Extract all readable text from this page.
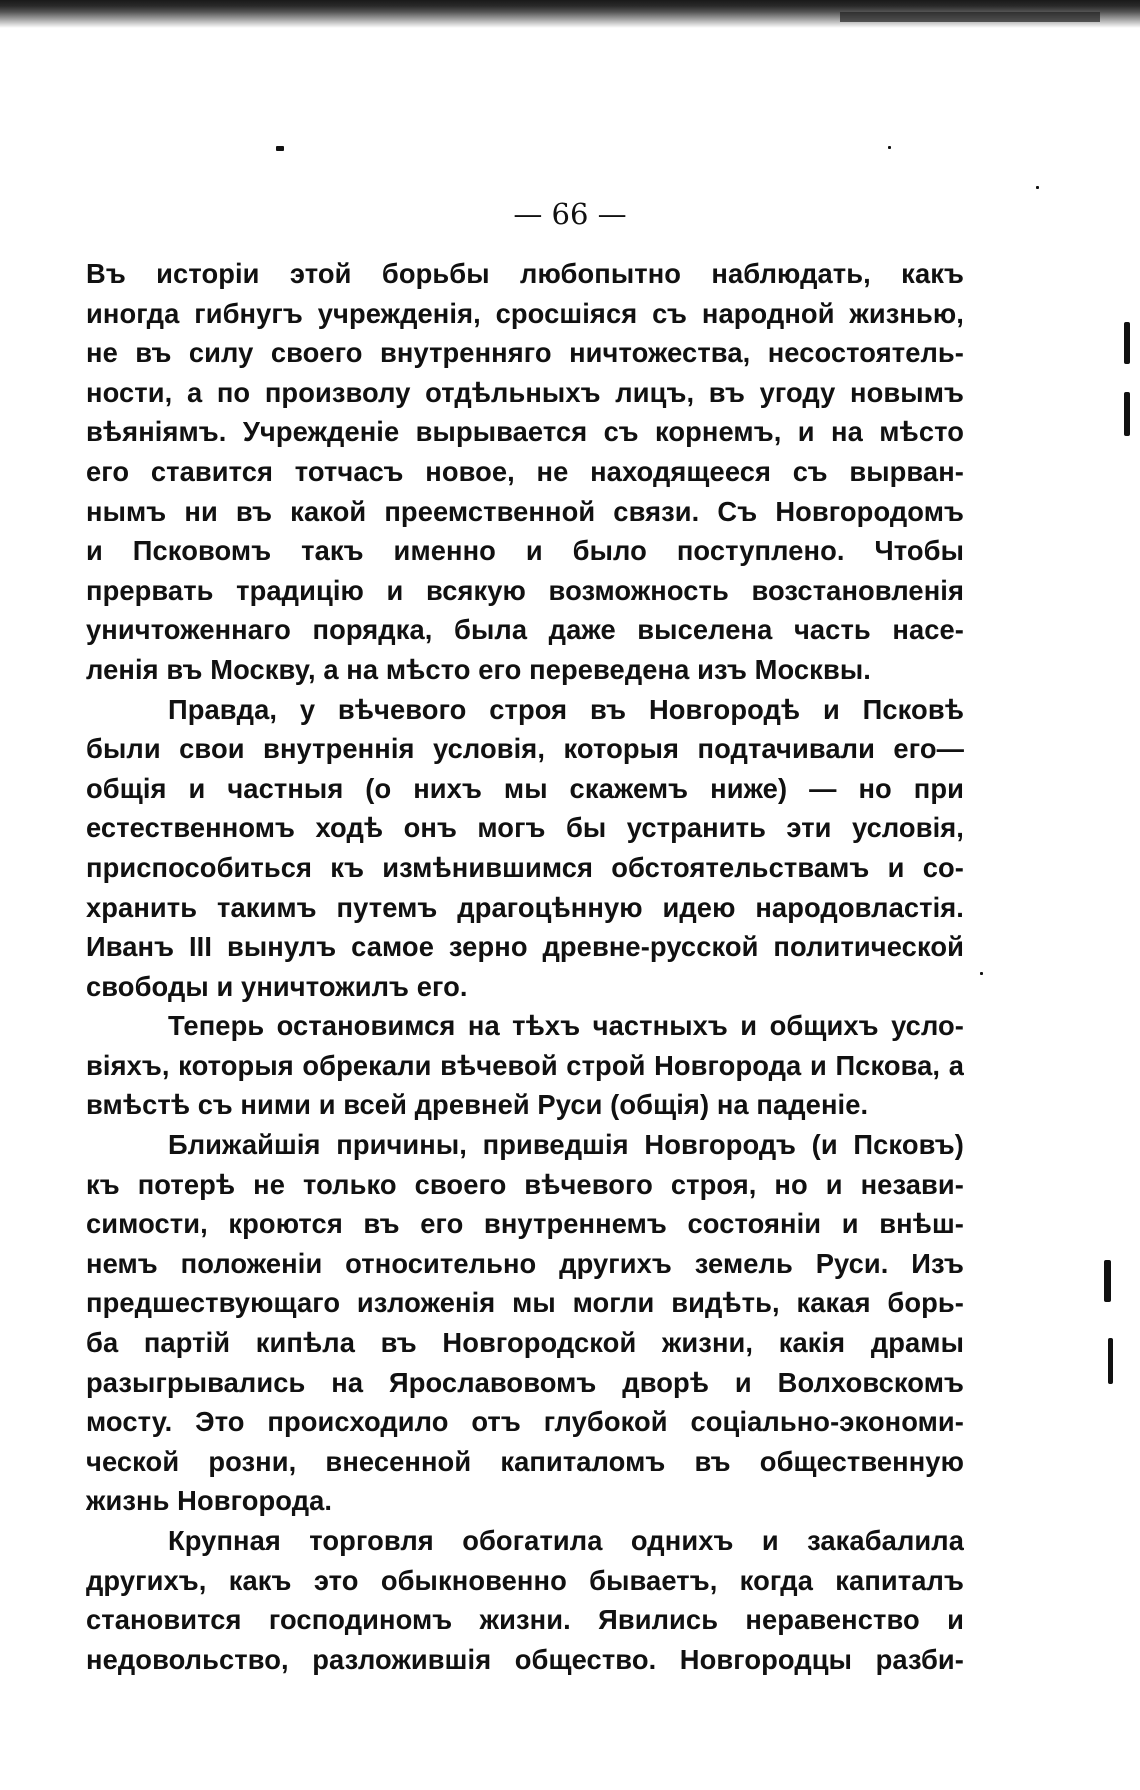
— 66 —
Въ исторіи этой борьбы любопытно наблюдать, какъ
иногда гибнугъ учрежденія, сросшіяся съ народной жизнью,
не въ силу своего внутренняго ничтожества, несостоятель-
ности, а по произволу отдѣльныхъ лицъ, въ угоду новымъ
вѣяніямъ. Учрежденіе вырывается съ корнемъ, и на мѣсто
его ставится тотчасъ новое, не находящееся съ вырван-
нымъ ни въ какой преемственной связи. Съ Новгородомъ
и Псковомъ такъ именно и было поступлено. Чтобы
прервать традицію и всякую возможность возстановленія
уничтоженнаго порядка, была даже выселена часть насе-
ленія въ Москву, а на мѣсто его переведена изъ Москвы.
Правда, у вѣчевого строя въ Новгородѣ и Псковѣ
были свои внутреннія условія, которыя подтачивали его—
общія и частныя (о нихъ мы скажемъ ниже) — но при
естественномъ ходѣ онъ могъ бы устранить эти условія,
приспособиться къ измѣнившимся обстоятельствамъ и со-
хранить такимъ путемъ драгоцѣнную идею народовластія.
Иванъ III вынулъ самое зерно древне-русской политической
свободы и уничтожилъ его.
Теперь остановимся на тѣхъ частныхъ и общихъ усло-
віяхъ, которыя обрекали вѣчевой строй Новгорода и Пскова, а
вмѣстѣ съ ними и всей древней Руси (общія) на паденіе.
Ближайшія причины, приведшія Новгородъ (и Псковъ)
къ потерѣ не только своего вѣчевого строя, но и незави-
симости, кроются въ его внутреннемъ состояніи и внѣш-
немъ положеніи относительно другихъ земель Руси. Изъ
предшествующаго изложенія мы могли видѣть, какая борь-
ба партій кипѣла въ Новгородской жизни, какія драмы
разыгрывались на Ярославовомъ дворѣ и Волховскомъ
мосту. Это происходило отъ глубокой соціально-экономи-
ческой розни, внесенной капиталомъ въ общественную
жизнь Новгорода.
Крупная торговля обогатила однихъ и закабалила
другихъ, какъ это обыкновенно бываетъ, когда капиталъ
становится господиномъ жизни. Явились неравенство и
недовольство, разложившія общество. Новгородцы разби-
